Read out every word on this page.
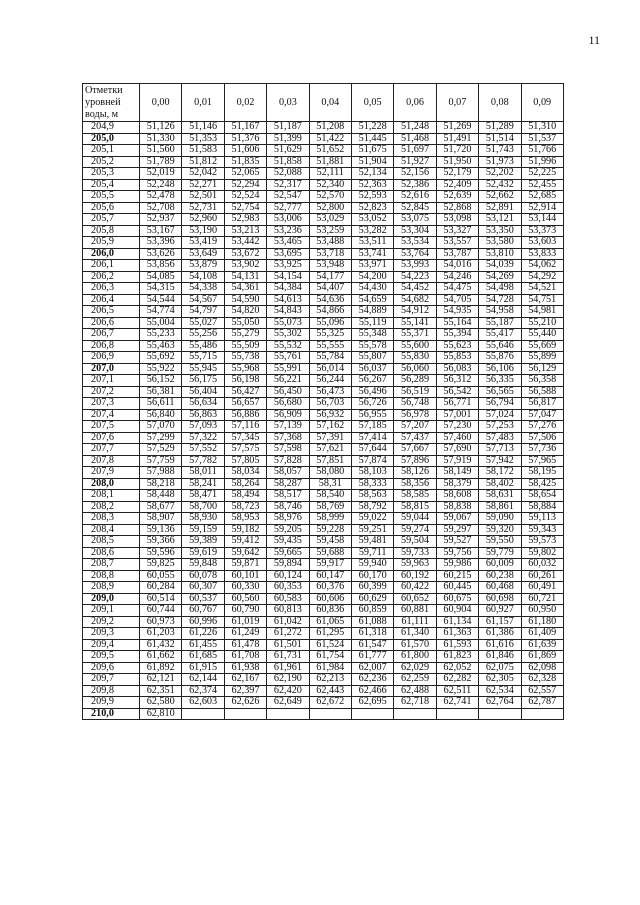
11
Отметки уровней воды, м	0,00	0,01	0,02	0,03	0,04	0,05	0,06	0,07	0,08	0,09
204,9	51,126	51,146	51,167	51,187	51,208	51,228	51,248	51,269	51,289	51,310
205,0	51,330	51,353	51,376	51,399	51,422	51,445	51,468	51,491	51,514	51,537
205,1	51,560	51,583	51,606	51,629	51,652	51,675	51,697	51,720	51,743	51,766
205,2	51,789	51,812	51,835	51,858	51,881	51,904	51,927	51,950	51,973	51,996
205,3	52,019	52,042	52,065	52,088	52,111	52,134	52,156	52,179	52,202	52,225
205,4	52,248	52,271	52,294	52,317	52,340	52,363	52,386	52,409	52,432	52,455
205,5	52,478	52,501	52,524	52,547	52,570	52,593	52,616	52,639	52,662	52,685
205,6	52,708	52,731	52,754	52,777	52,800	52,823	52,845	52,868	52,891	52,914
205,7	52,937	52,960	52,983	53,006	53,029	53,052	53,075	53,098	53,121	53,144
205,8	53,167	53,190	53,213	53,236	53,259	53,282	53,304	53,327	53,350	53,373
205,9	53,396	53,419	53,442	53,465	53,488	53,511	53,534	53,557	53,580	53,603
206,0	53,626	53,649	53,672	53,695	53,718	53,741	53,764	53,787	53,810	53,833
206,1	53,856	53,879	53,902	53,925	53,948	53,971	53,993	54,016	54,039	54,062
206,2	54,085	54,108	54,131	54,154	54,177	54,200	54,223	54,246	54,269	54,292
206,3	54,315	54,338	54,361	54,384	54,407	54,430	54,452	54,475	54,498	54,521
206,4	54,544	54,567	54,590	54,613	54,636	54,659	54,682	54,705	54,728	54,751
206,5	54,774	54,797	54,820	54,843	54,866	54,889	54,912	54,935	54,958	54,981
206,6	55,004	55,027	55,050	55,073	55,096	55,119	55,141	55,164	55,187	55,210
206,7	55,233	55,256	55,279	55,302	55,325	55,348	55,371	55,394	55,417	55,440
206,8	55,463	55,486	55,509	55,532	55,555	55,578	55,600	55,623	55,646	55,669
206,9	55,692	55,715	55,738	55,761	55,784	55,807	55,830	55,853	55,876	55,899
207,0	55,922	55,945	55,968	55,991	56,014	56,037	56,060	56,083	56,106	56,129
207,1	56,152	56,175	56,198	56,221	56,244	56,267	56,289	56,312	56,335	56,358
207,2	56,381	56,404	56,427	56,450	56,473	56,496	56,519	56,542	56,565	56,588
207,3	56,611	56,634	56,657	56,680	56,703	56,726	56,748	56,771	56,794	56,817
207,4	56,840	56,863	56,886	56,909	56,932	56,955	56,978	57,001	57,024	57,047
207,5	57,070	57,093	57,116	57,139	57,162	57,185	57,207	57,230	57,253	57,276
207,6	57,299	57,322	57,345	57,368	57,391	57,414	57,437	57,460	57,483	57,506
207,7	57,529	57,552	57,575	57,598	57,621	57,644	57,667	57,690	57,713	57,736
207,8	57,759	57,782	57,805	57,828	57,851	57,874	57,896	57,919	57,942	57,965
207,9	57,988	58,011	58,034	58,057	58,080	58,103	58,126	58,149	58,172	58,195
208,0	58,218	58,241	58,264	58,287	58,31	58,333	58,356	58,379	58,402	58,425
208,1	58,448	58,471	58,494	58,517	58,540	58,563	58,585	58,608	58,631	58,654
208,2	58,677	58,700	58,723	58,746	58,769	58,792	58,815	58,838	58,861	58,884
208,3	58,907	58,930	58,953	58,976	58,999	59,022	59,044	59,067	59,090	59,113
208,4	59,136	59,159	59,182	59,205	59,228	59,251	59,274	59,297	59,320	59,343
208,5	59,366	59,389	59,412	59,435	59,458	59,481	59,504	59,527	59,550	59,573
208,6	59,596	59,619	59,642	59,665	59,688	59,711	59,733	59,756	59,779	59,802
208,7	59,825	59,848	59,871	59,894	59,917	59,940	59,963	59,986	60,009	60,032
208,8	60,055	60,078	60,101	60,124	60,147	60,170	60,192	60,215	60,238	60,261
208,9	60,284	60,307	60,330	60,353	60,376	60,399	60,422	60,445	60,468	60,491
209,0	60,514	60,537	60,560	60,583	60,606	60,629	60,652	60,675	60,698	60,721
209,1	60,744	60,767	60,790	60,813	60,836	60,859	60,881	60,904	60,927	60,950
209,2	60,973	60,996	61,019	61,042	61,065	61,088	61,111	61,134	61,157	61,180
209,3	61,203	61,226	61,249	61,272	61,295	61,318	61,340	61,363	61,386	61,409
209,4	61,432	61,455	61,478	61,501	61,524	61,547	61,570	61,593	61,616	61,639
209,5	61,662	61,685	61,708	61,731	61,754	61,777	61,800	61,823	61,846	61,869
209,6	61,892	61,915	61,938	61,961	61,984	62,007	62,029	62,052	62,075	62,098
209,7	62,121	62,144	62,167	62,190	62,213	62,236	62,259	62,282	62,305	62,328
209,8	62,351	62,374	62,397	62,420	62,443	62,466	62,488	62,511	62,534	62,557
209,9	62,580	62,603	62,626	62,649	62,672	62,695	62,718	62,741	62,764	62,787
210,0	62,810									
